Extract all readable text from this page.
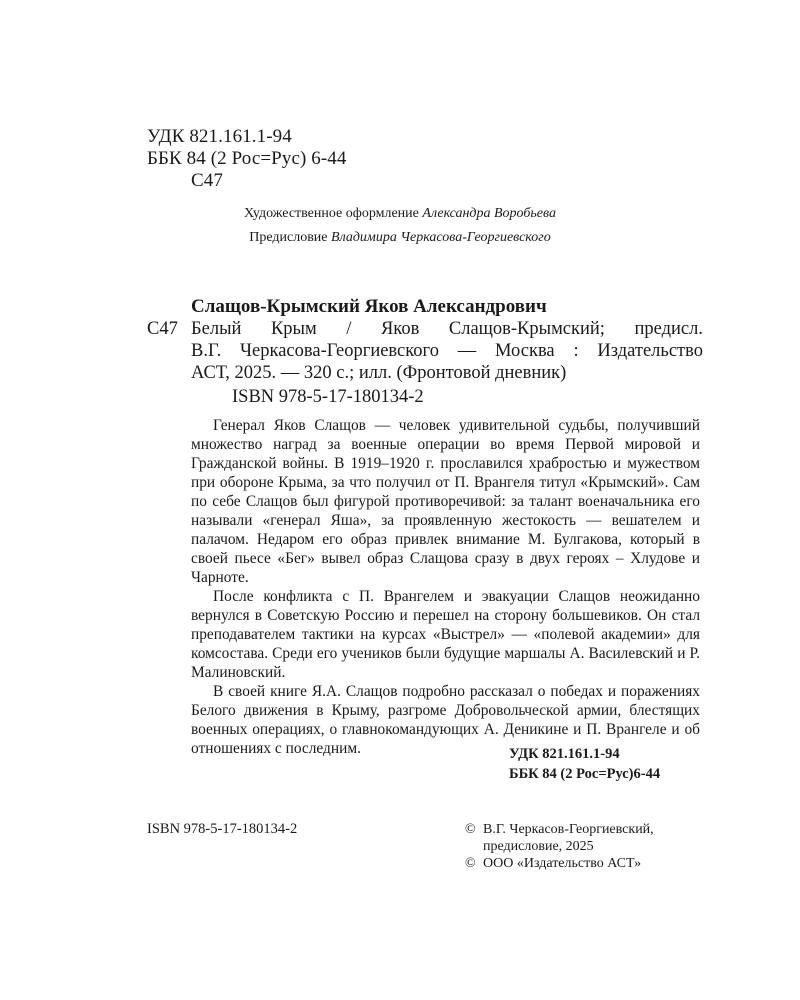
УДК 821.161.1-94
ББК 84 (2 Рос=Рус) 6-44
С47
Художественное оформление Александра Воробьева
Предисловие Владимира Черкасова-Георгиевского
Слащов-Крымский Яков Александрович
С47 Белый Крым / Яков Слащов-Крымский; предисл.
В.Г. Черкасова-Георгиевского — Москва : Издательство
АСТ, 2025. — 320 с.; илл. (Фронтовой дневник)
ISBN 978-5-17-180134-2

Генерал Яков Слащов — человек удивительной судьбы, получивший множество наград за военные операции во время Первой мировой и Гражданской войны. В 1919–1920 г. прославился храбростью и мужеством при обороне Крыма, за что получил от П. Врангеля титул «Крымский». Сам по себе Слащов был фигурой противоречивой: за талант военачальника его называли «генерал Яша», за проявленную жестокость — вешателем и палачом. Недаром его образ привлек внимание М. Булгакова, который в своей пьесе «Бег» вывел образ Слащова сразу в двух героях – Хлудове и Чарноте.

После конфликта с П. Врангелем и эвакуации Слащов неожиданно вернулся в Советскую Россию и перешел на сторону большевиков. Он стал преподавателем тактики на курсах «Выстрел» — «полевой академии» для комсостава. Среди его учеников были будущие маршалы А. Василевский и Р. Малиновский.

В своей книге Я.А. Слащов подробно рассказал о победах и поражениях Белого движения в Крыму, разгроме Добровольческой армии, блестящих военных операциях, о главнокомандующих А. Деникине и П. Врангеле и об отношениях с последним.	УДК 821.161.1-94
ББК 84 (2 Рос=Рус)6-44
ISBN 978-5-17-180134-2	© В.Г. Черкасов-Георгиевский,
предисловие, 2025
© ООО «Издательство АСТ»
